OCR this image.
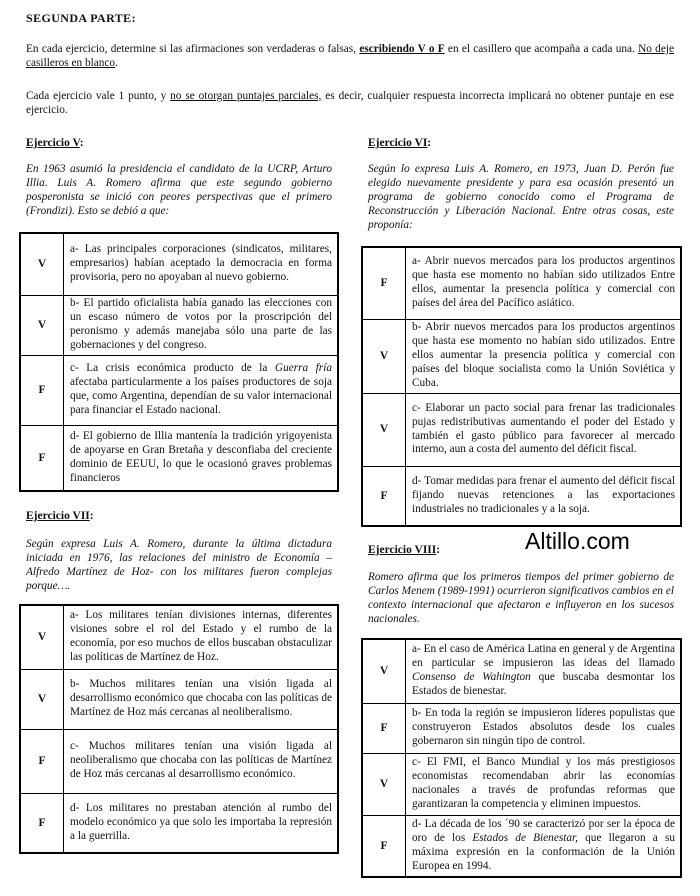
SEGUNDA PARTE:
En cada ejercicio, determine si las afirmaciones son verdaderas o falsas, escribiendo V o F en el casillero que acompaña a cada una. No deje casilleros en blanco.
Cada ejercicio vale 1 punto, y no se otorgan puntajes parciales, es decir, cualquier respuesta incorrecta implicará no obtener puntaje en ese ejercicio.
Ejercicio V:
En 1963 asumió la presidencia el candidato de la UCRP, Arturo Illia. Luis A. Romero afirma que este segundo gobierno posperonista se inició con peores perspectivas que el primero (Frondizi). Esto se debió a que:
V	a- Las principales corporaciones (sindicatos, militares, empresarios) habían aceptado la democracia en forma provisoria, pero no apoyaban al nuevo gobierno.
V	b- El partido oficialista había ganado las elecciones con un escaso número de votos por la proscripción del peronismo y además manejaba sólo una parte de las gobernaciones y del congreso.
F	c- La crisis económica producto de la Guerra fría afectaba particularmente a los países productores de soja que, como Argentina, dependían de su valor internacional para financiar el Estado nacional.
F	d- El gobierno de Illia mantenía la tradición yrigoyenista de apoyarse en Gran Bretaña y desconfiaba del creciente dominio de EEUU, lo que le ocasionó graves problemas financieros
Ejercicio VI:
Según lo expresa Luis A. Romero, en 1973, Juan D. Perón fue elegido nuevamente presidente y para esa ocasión presentó un programa de gobierno conocido como el Programa de Reconstrucción y Liberación Nacional. Entre otras cosas, este proponía:
F	a- Abrir nuevos mercados para los productos argentinos que hasta ese momento no habían sido utilizados Entre ellos, aumentar la presencia política y comercial con países del área del Pacífico asiático.
V	b- Abrir nuevos mercados para los productos argentinos que hasta ese momento no habían sido utilizados. Entre ellos aumentar la presencia política y comercial con países del bloque socialista como la Unión Soviética y Cuba.
V	c- Elaborar un pacto social para frenar las tradicionales pujas redistributivas aumentando el poder del Estado y también el gasto público para favorecer al mercado interno, aun a costa del aumento del déficit fiscal.
F	d- Tomar medidas para frenar el aumento del déficit fiscal fijando nuevas retenciones a las exportaciones industriales no tradicionales y a la soja.
Altillo.com
Ejercicio VII:
Según expresa Luis A. Romero, durante la última dictadura iniciada en 1976, las relaciones del ministro de Economía – Alfredo Martínez de Hoz- con los militares fueron complejas porque….
V	a- Los militares tenían divisiones internas, diferentes visiones sobre el rol del Estado y el rumbo de la economía, por eso muchos de ellos buscaban obstaculizar las políticas de Martínez de Hoz.
V	b- Muchos militares tenían una visión ligada al desarrollismo económico que chocaba con las políticas de Martínez de Hoz más cercanas al neoliberalismo.
F	c- Muchos militares tenían una visión ligada al neoliberalismo que chocaba con las políticas de Martínez de Hoz más cercanas al desarrollismo económico.
F	d- Los militares no prestaban atención al rumbo del modelo económico ya que solo les importaba la represión a la guerrilla.
Ejercicio VIII:
Romero afirma que los primeros tiempos del primer gobierno de Carlos Menem (1989-1991) ocurrieron significativos cambios en el contexto internacional que afectaron e influyeron en los sucesos nacionales.
V	a- En el caso de América Latina en general y de Argentina en particular se impusieron las ideas del llamado Consenso de Wahington que buscaba desmontar los Estados de bienestar.
F	b- En toda la región se impusieron líderes populistas que construyeron Estados absolutos desde los cuales gobernaron sin ningún tipo de control.
V	c- El FMI, el Banco Mundial y los más prestigiosos economistas recomendaban abrir las economías nacionales a través de profundas reformas que garantizaran la competencia y eliminen impuestos.
F	d- La década de los ´90 se caracterizó por ser la época de oro de los Estados de Bienestar, que llegaron a su máxima expresión en la conformación de la Unión Europea en 1994.
